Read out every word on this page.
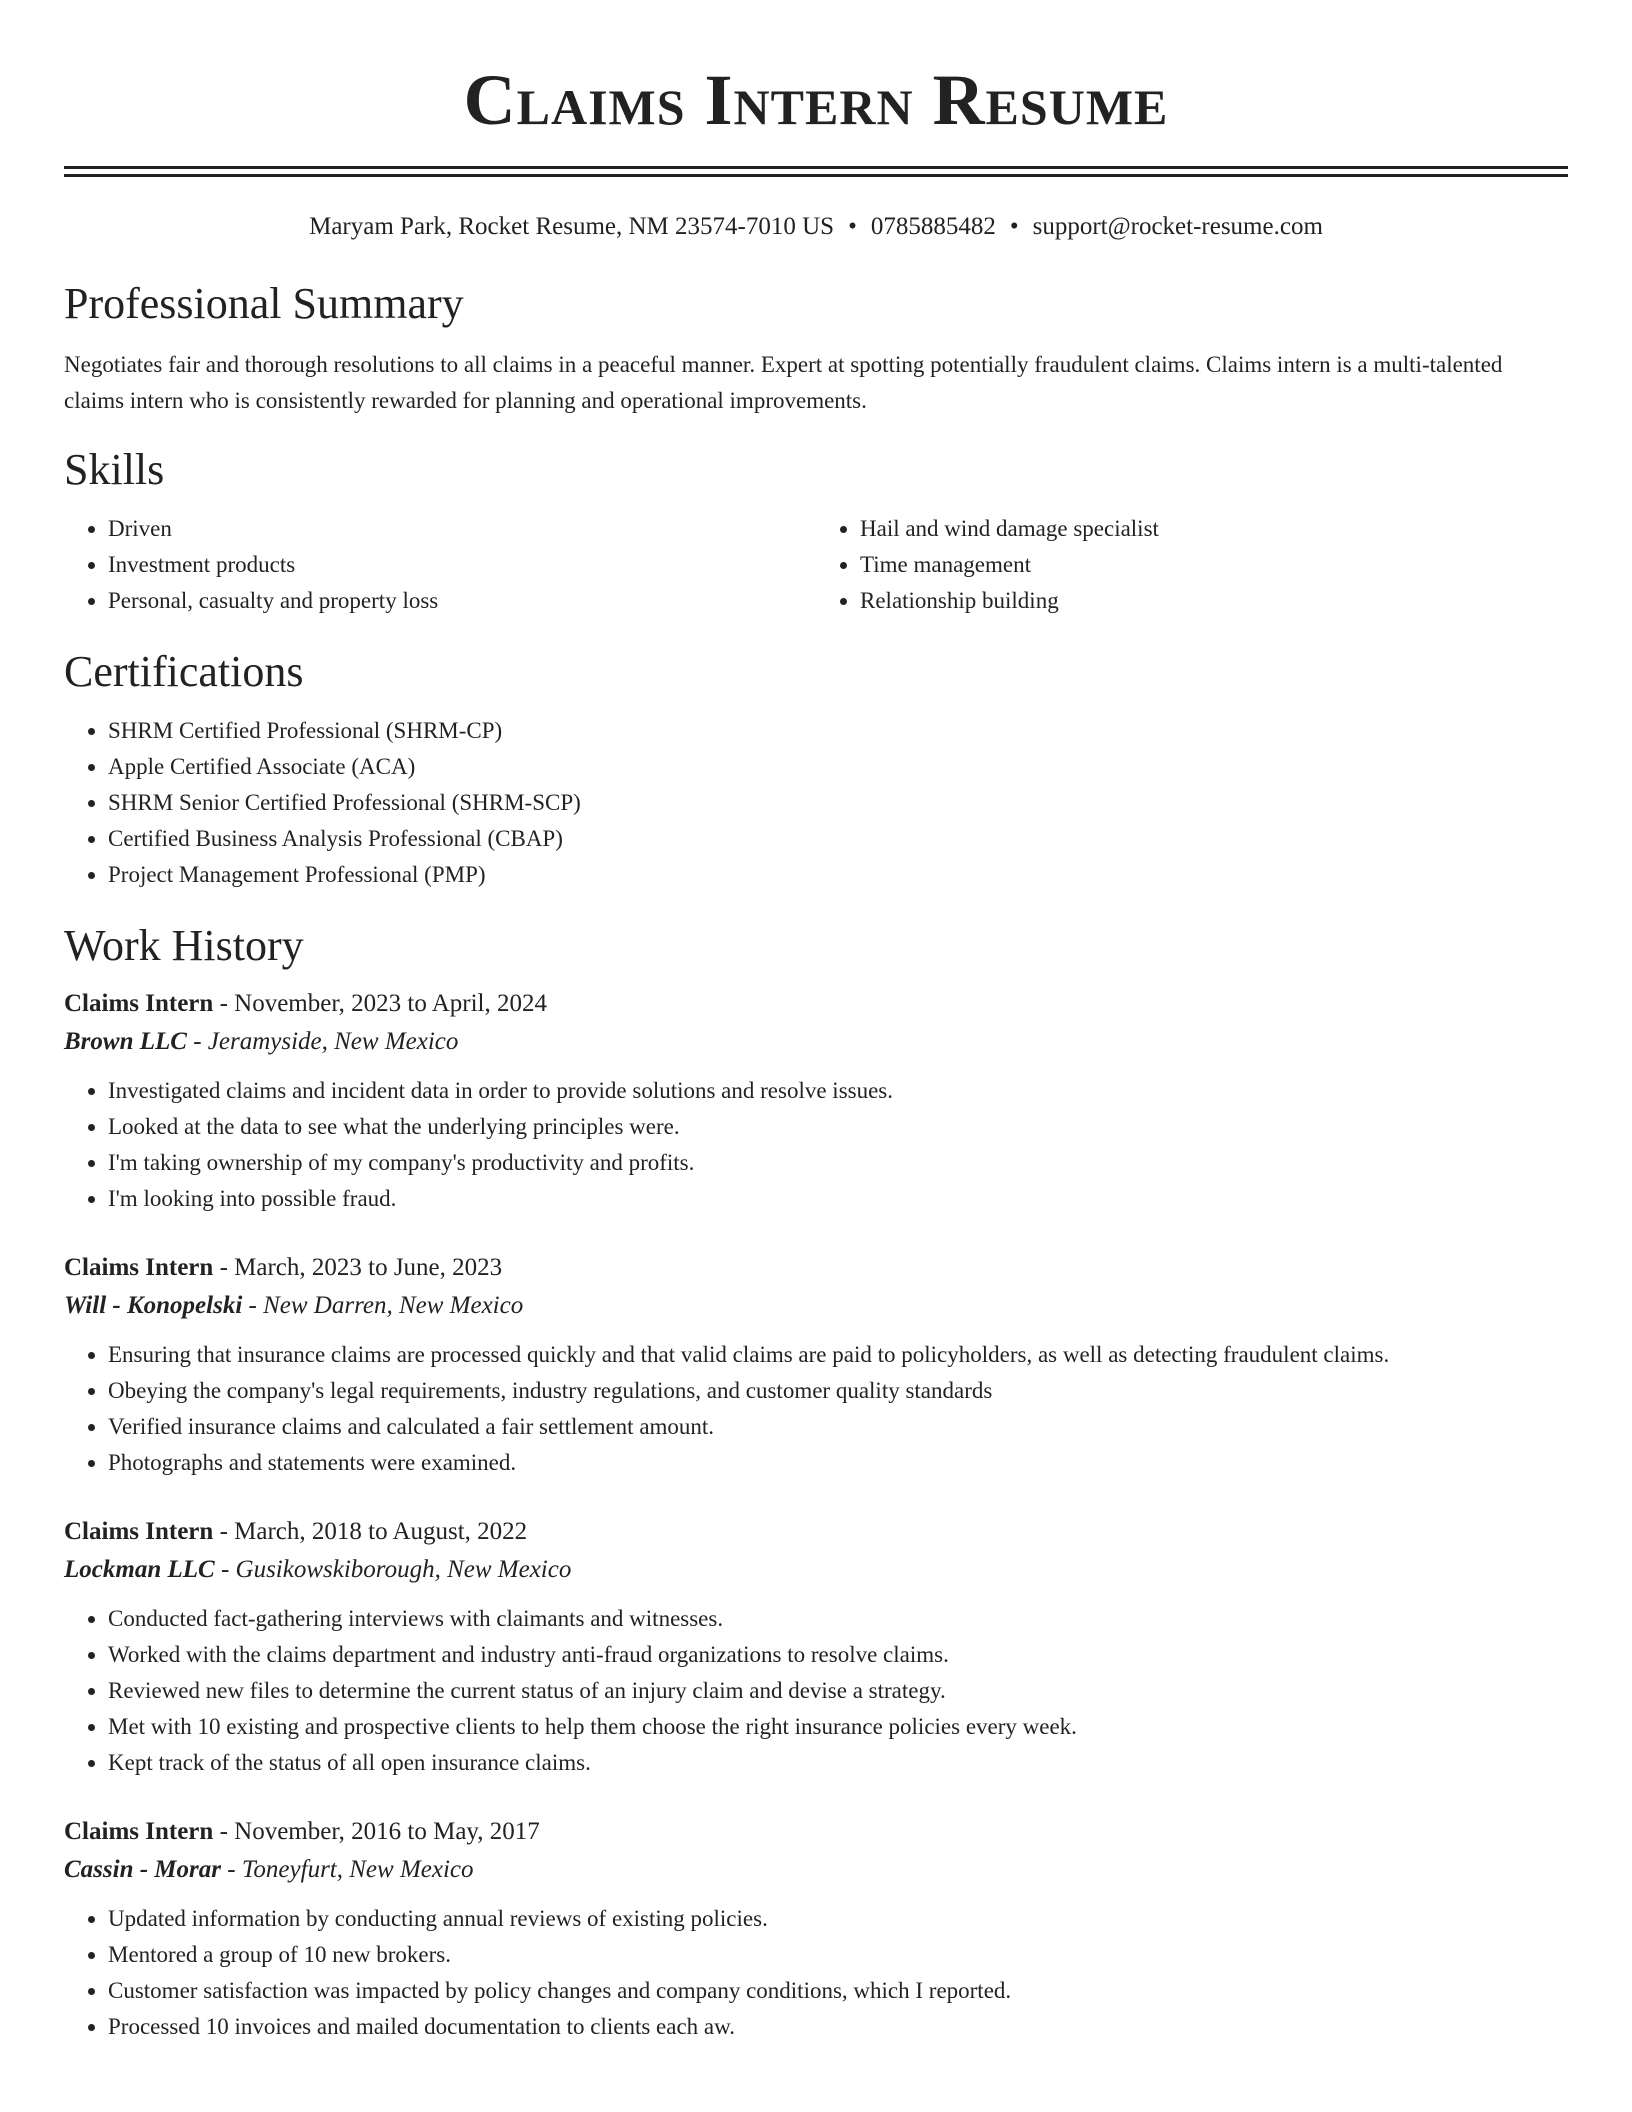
Claims Intern Resume
Maryam Park, Rocket Resume, NM 23574-7010 US • 0785885482 • support@rocket-resume.com
Professional Summary

Negotiates fair and thorough resolutions to all claims in a peaceful manner. Expert at spotting potentially fraudulent claims. Claims intern is a multi-talented claims intern who is consistently rewarded for planning and operational improvements.

Skills
• Driven
• Investment products
• Personal, casualty and property loss
• Hail and wind damage specialist
• Time management
• Relationship building
Certifications
• SHRM Certified Professional (SHRM-CP)
• Apple Certified Associate (ACA)
• SHRM Senior Certified Professional (SHRM-SCP)
• Certified Business Analysis Professional (CBAP)
• Project Management Professional (PMP)
Work History
Claims Intern - November, 2023 to April, 2024
Brown LLC - Jeramyside, New Mexico
• Investigated claims and incident data in order to provide solutions and resolve issues.
• Looked at the data to see what the underlying principles were.
• I'm taking ownership of my company's productivity and profits.
• I'm looking into possible fraud.
Claims Intern - March, 2023 to June, 2023
Will - Konopelski - New Darren, New Mexico
• Ensuring that insurance claims are processed quickly and that valid claims are paid to policyholders, as well as detecting fraudulent claims.
• Obeying the company's legal requirements, industry regulations, and customer quality standards
• Verified insurance claims and calculated a fair settlement amount.
• Photographs and statements were examined.
Claims Intern - March, 2018 to August, 2022
Lockman LLC - Gusikowskiborough, New Mexico
• Conducted fact-gathering interviews with claimants and witnesses.
• Worked with the claims department and industry anti-fraud organizations to resolve claims.
• Reviewed new files to determine the current status of an injury claim and devise a strategy.
• Met with 10 existing and prospective clients to help them choose the right insurance policies every week.
• Kept track of the status of all open insurance claims.
Claims Intern - November, 2016 to May, 2017
Cassin - Morar - Toneyfurt, New Mexico
• Updated information by conducting annual reviews of existing policies.
• Mentored a group of 10 new brokers.
• Customer satisfaction was impacted by policy changes and company conditions, which I reported.
• Processed 10 invoices and mailed documentation to clients each aw.
